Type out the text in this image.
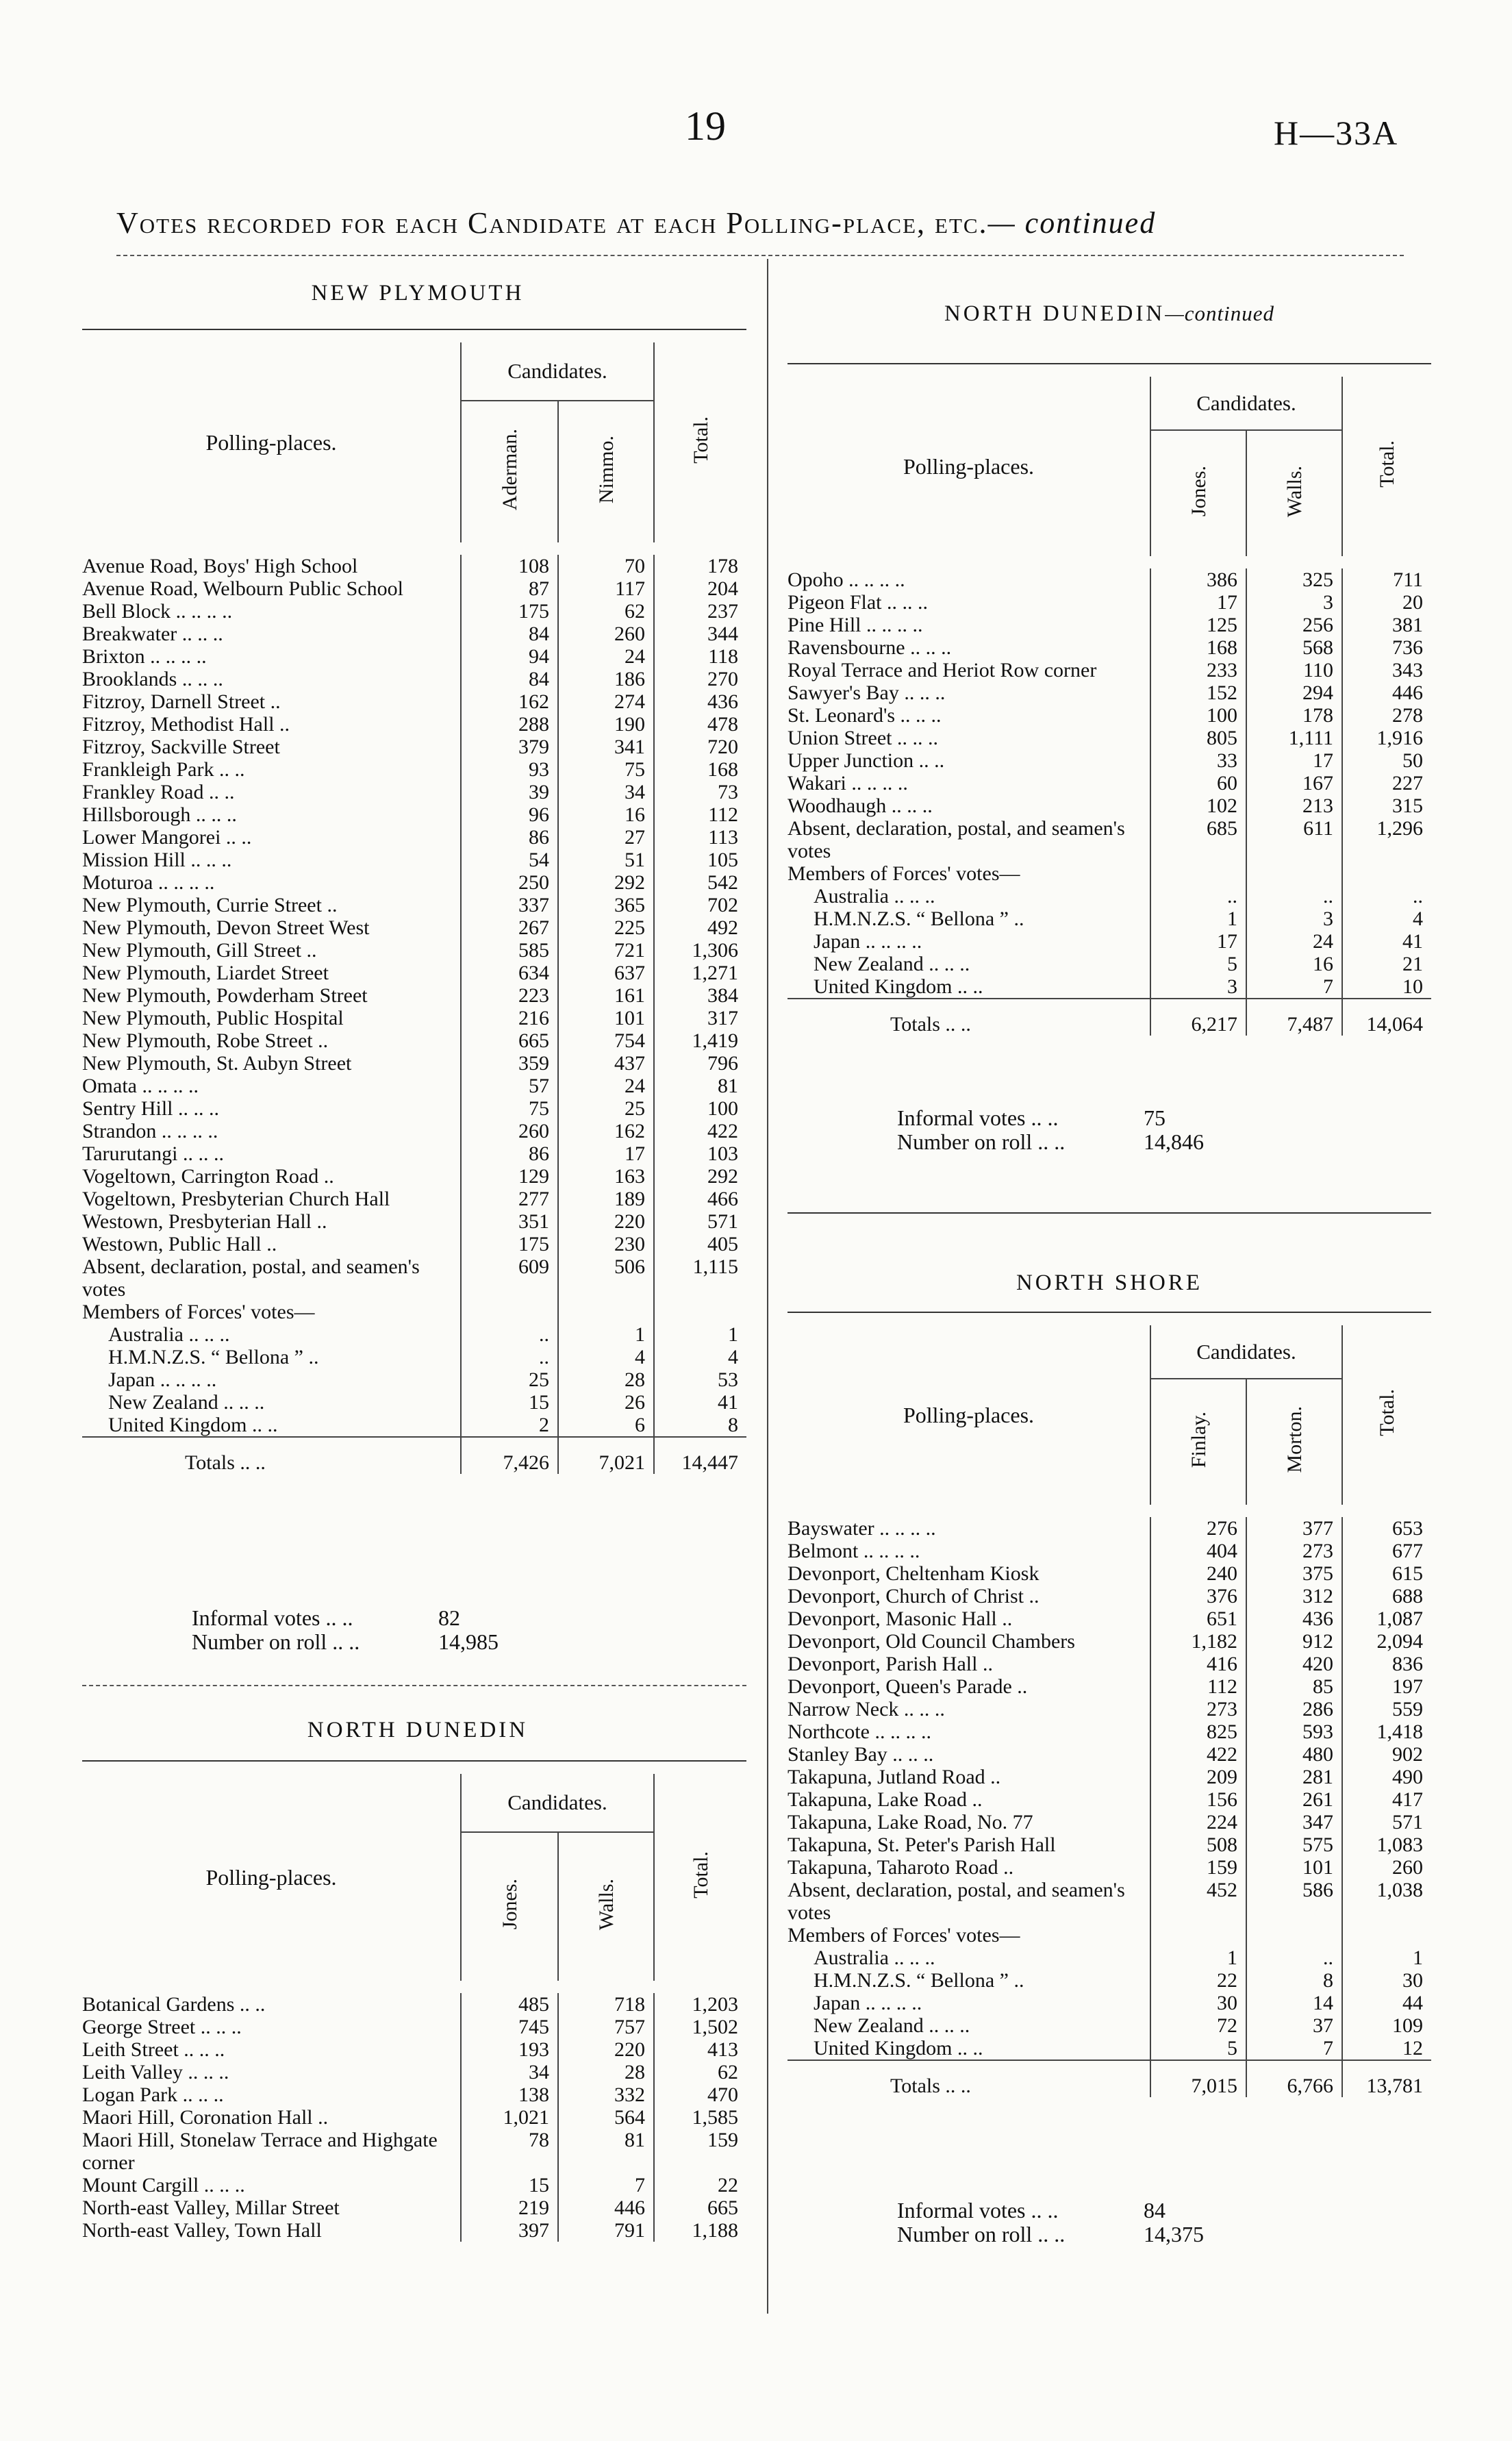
19	H—33A
Votes recorded for each Candidate at each Polling-place, etc.— continued
NEW PLYMOUTH
Polling-places.	Candidates.		Total.
	Aderman.	Nimmo.	
Avenue Road, Boys' High School	108	70	178
Avenue Road, Welbourn Public School	87	117	204
Bell Block .. .. .. ..	175	62	237
Breakwater .. .. ..	84	260	344
Brixton .. .. .. ..	94	24	118
Brooklands .. .. ..	84	186	270
Fitzroy, Darnell Street ..	162	274	436
Fitzroy, Methodist Hall ..	288	190	478
Fitzroy, Sackville Street	379	341	720
Frankleigh Park .. ..	93	75	168
Frankley Road .. ..	39	34	73
Hillsborough .. .. ..	96	16	112
Lower Mangorei .. ..	86	27	113
Mission Hill .. .. ..	54	51	105
Moturoa .. .. .. ..	250	292	542
New Plymouth, Currie Street ..	337	365	702
New Plymouth, Devon Street West	267	225	492
New Plymouth, Gill Street ..	585	721	1,306
New Plymouth, Liardet Street	634	637	1,271
New Plymouth, Powderham Street	223	161	384
New Plymouth, Public Hospital	216	101	317
New Plymouth, Robe Street ..	665	754	1,419
New Plymouth, St. Aubyn Street	359	437	796
Omata .. .. .. ..	57	24	81
Sentry Hill .. .. ..	75	25	100
Strandon .. .. .. ..	260	162	422
Tarurutangi .. .. ..	86	17	103
Vogeltown, Carrington Road ..	129	163	292
Vogeltown, Presbyterian Church Hall	277	189	466
Westown, Presbyterian Hall ..	351	220	571
Westown, Public Hall ..	175	230	405
Absent, declaration, postal, and seamen's votes	609	506	1,115
Members of Forces' votes—			
Australia .. .. ..	..	1	1
H.M.N.Z.S. “ Bellona ” ..	..	4	4
Japan .. .. .. ..	25	28	53
New Zealand .. .. ..	15	26	41
United Kingdom .. ..	2	6	8
Totals .. ..	7,426	7,021	14,447
Informal votes .. ..	82
Number on roll .. ..	14,985
NORTH DUNEDIN
Polling-places.	Candidates.		Total.
	Jones.	Walls.	
Botanical Gardens .. ..	485	718	1,203
George Street .. .. ..	745	757	1,502
Leith Street .. .. ..	193	220	413
Leith Valley .. .. ..	34	28	62
Logan Park .. .. ..	138	332	470
Maori Hill, Coronation Hall ..	1,021	564	1,585
Maori Hill, Stonelaw Terrace and Highgate corner	78	81	159
Mount Cargill .. .. ..	15	7	22
North-east Valley, Millar Street	219	446	665
North-east Valley, Town Hall	397	791	1,188
NORTH DUNEDIN—continued
Polling-places.	Candidates.		Total.
	Jones.	Walls.	
Opoho .. .. .. ..	386	325	711
Pigeon Flat .. .. ..	17	3	20
Pine Hill .. .. .. ..	125	256	381
Ravensbourne .. .. ..	168	568	736
Royal Terrace and Heriot Row corner	233	110	343
Sawyer's Bay .. .. ..	152	294	446
St. Leonard's .. .. ..	100	178	278
Union Street .. .. ..	805	1,111	1,916
Upper Junction .. ..	33	17	50
Wakari .. .. .. ..	60	167	227
Woodhaugh .. .. ..	102	213	315
Absent, declaration, postal, and seamen's votes	685	611	1,296
Members of Forces' votes—			
Australia .. .. ..	..	..	..
H.M.N.Z.S. “ Bellona ” ..	1	3	4
Japan .. .. .. ..	17	24	41
New Zealand .. .. ..	5	16	21
United Kingdom .. ..	3	7	10
Totals .. ..	6,217	7,487	14,064
Informal votes .. ..	75
Number on roll .. ..	14,846
NORTH SHORE
Polling-places.	Candidates.		Total.
	Finlay.	Morton.	
Bayswater .. .. .. ..	276	377	653
Belmont .. .. .. ..	404	273	677
Devonport, Cheltenham Kiosk	240	375	615
Devonport, Church of Christ ..	376	312	688
Devonport, Masonic Hall ..	651	436	1,087
Devonport, Old Council Chambers	1,182	912	2,094
Devonport, Parish Hall ..	416	420	836
Devonport, Queen's Parade ..	112	85	197
Narrow Neck .. .. ..	273	286	559
Northcote .. .. .. ..	825	593	1,418
Stanley Bay .. .. ..	422	480	902
Takapuna, Jutland Road ..	209	281	490
Takapuna, Lake Road ..	156	261	417
Takapuna, Lake Road, No. 77	224	347	571
Takapuna, St. Peter's Parish Hall	508	575	1,083
Takapuna, Taharoto Road ..	159	101	260
Absent, declaration, postal, and seamen's votes	452	586	1,038
Members of Forces' votes—			
Australia .. .. ..	1	..	1
H.M.N.Z.S. “ Bellona ” ..	22	8	30
Japan .. .. .. ..	30	14	44
New Zealand .. .. ..	72	37	109
United Kingdom .. ..	5	7	12
Totals .. ..	7,015	6,766	13,781
Informal votes .. ..	84
Number on roll .. ..	14,375
